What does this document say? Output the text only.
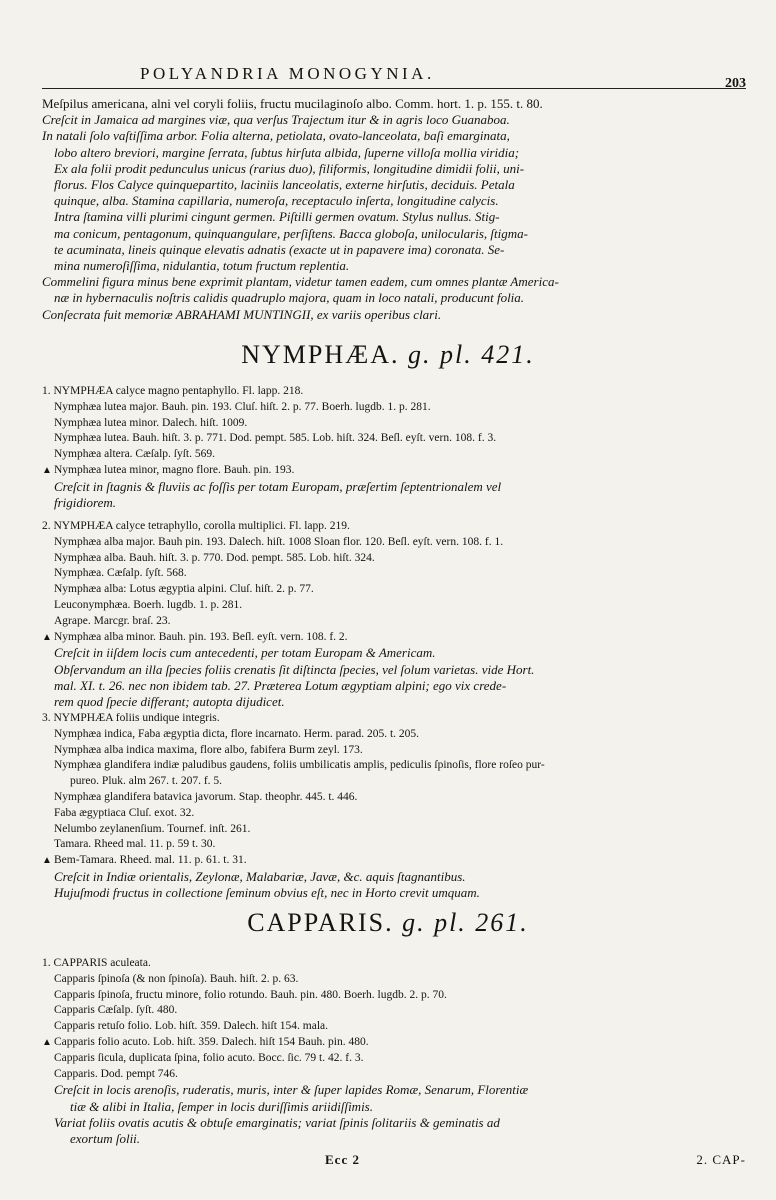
POLYANDRIA MONOGYNIA.
203
Meſpilus americana, alni vel coryli foliis, fructu mucilaginoſo albo. Comm. hort. 1. p. 155. t. 80.
Creſcit in Jamaica ad margines viæ, qua verſus Trajectum itur & in agris loco Guanaboa.
In natali ſolo vaſtiſſima arbor. Folia alterna, petiolata, ovato-lanceolata, baſi emarginata,
lobo altero breviori, margine ſerrata, ſubtus hirſuta albida, ſuperne villoſa mollia viridia;
Ex ala folii prodit pedunculus unicus (rarius duo), filiformis, longitudine dimidii folii, uni-
florus. Flos Calyce quinquepartito, laciniis lanceolatis, externe hirſutis, deciduis. Petala
quinque, alba. Stamina capillaria, numeroſa, receptaculo inſerta, longitudine calycis.
Intra ſtamina villi plurimi cingunt germen. Piſtilli germen ovatum. Stylus nullus. Stig-
ma conicum, pentagonum, quinquangulare, perſiſtens. Bacca globoſa, unilocularis, ſtigma-
te acuminata, lineis quinque elevatis adnatis (exacte ut in papavere ima) coronata. Se-
mina numeroſiſſima, nidulantia, totum fructum replentia.
Commelini figura minus bene exprimit plantam, videtur tamen eadem, cum omnes plantæ America-
næ in hybernaculis noſtris calidis quadruplo majora, quam in loco natali, producunt folia.
Conſecrata fuit memoriæ ABRAHAMI MUNTINGII, ex variis operibus clari.
NYMPHÆA. g. pl. 421.
1. NYMPHÆA calyce magno pentaphyllo. Fl. lapp. 218.
Nymphæa lutea major. Bauh. pin. 193. Cluſ. hiſt. 2. p. 77. Boerh. lugdb. 1. p. 281.
Nymphæa lutea minor. Dalech. hiſt. 1009.
Nymphæa lutea. Bauh. hiſt. 3. p. 771. Dod. pempt. 585. Lob. hiſt. 324. Beſl. eyſt. vern. 108. f. 3.
Nymphæa altera. Cæſalp. ſyſt. 569.
▲ Nymphæa lutea minor, magno flore. Bauh. pin. 193.
Creſcit in ſtagnis & fluviis ac foſſis per totam Europam, præſertim ſeptentrionalem vel
frigidiorem.
2. NYMPHÆA calyce tetraphyllo, corolla multiplici. Fl. lapp. 219.
Nymphæa alba major. Bauh pin. 193. Dalech. hiſt. 1008 Sloan flor. 120. Beſl. eyſt. vern. 108. f. 1.
Nymphæa alba. Bauh. hiſt. 3. p. 770. Dod. pempt. 585. Lob. hiſt. 324.
Nymphæa. Cæſalp. ſyſt. 568.
Nymphæa alba: Lotus ægyptia alpini. Cluſ. hiſt. 2. p. 77.
Leuconymphæa. Boerh. lugdb. 1. p. 281.
Agrape. Marcgr. braſ. 23.
▲ Nymphæa alba minor. Bauh. pin. 193. Beſl. eyſt. vern. 108. f. 2.
Creſcit in iiſdem locis cum antecedenti, per totam Europam & Americam.
Obſervandum an illa ſpecies foliis crenatis ſit diſtincta ſpecies, vel ſolum varietas. vide Hort.
mal. XI. t. 26. nec non ibidem tab. 27. Præterea Lotum ægyptiam alpini; ego vix crede-
rem quod ſpecie differant; autopta dijudicet.
3. NYMPHÆA foliis undique integris.
Nymphæa indica, Faba ægyptia dicta, flore incarnato. Herm. parad. 205. t. 205.
Nymphæa alba indica maxima, flore albo, fabifera Burm zeyl. 173.
Nymphæa glandifera indiæ paludibus gaudens, foliis umbilicatis amplis, pediculis ſpinoſis, flore roſeo pur-
pureo. Pluk. alm 267. t. 207. f. 5.
Nymphæa glandifera batavica javorum. Stap. theophr. 445. t. 446.
Faba ægyptiaca Cluſ. exot. 32.
Nelumbo zeylanenſium. Tournef. inſt. 261.
Tamara. Rheed mal. 11. p. 59 t. 30.
▲ Bem-Tamara. Rheed. mal. 11. p. 61. t. 31.
Creſcit in Indiæ orientalis, Zeylonæ, Malabariæ, Javæ, &c. aquis ſtagnantibus.
Hujuſmodi fructus in collectione ſeminum obvius eſt, nec in Horto crevit umquam.
CAPPARIS. g. pl. 261.
1. CAPPARIS aculeata.
Capparis ſpinoſa (& non ſpinoſa). Bauh. hiſt. 2. p. 63.
Capparis ſpinoſa, fructu minore, folio rotundo. Bauh. pin. 480. Boerh. lugdb. 2. p. 70.
Capparis Cæſalp. ſyſt. 480.
Capparis retuſo folio. Lob. hiſt. 359. Dalech. hiſt 154. mala.
▲ Capparis folio acuto. Lob. hiſt. 359. Dalech. hiſt 154 Bauh. pin. 480.
Capparis ſicula, duplicata ſpina, folio acuto. Bocc. ſic. 79 t. 42. f. 3.
Capparis. Dod. pempt 746.
Creſcit in locis arenoſis, ruderatis, muris, inter & ſuper lapides Romæ, Senarum, Florentiæ
tiæ & alibi in Italia, ſemper in locis duriſſimis ariidiſſimis.
Variat foliis ovatis acutis & obtuſe emarginatis; variat ſpinis ſolitariis & geminatis ad
exortum ſolii.
Ecc 2	2. CAP-
